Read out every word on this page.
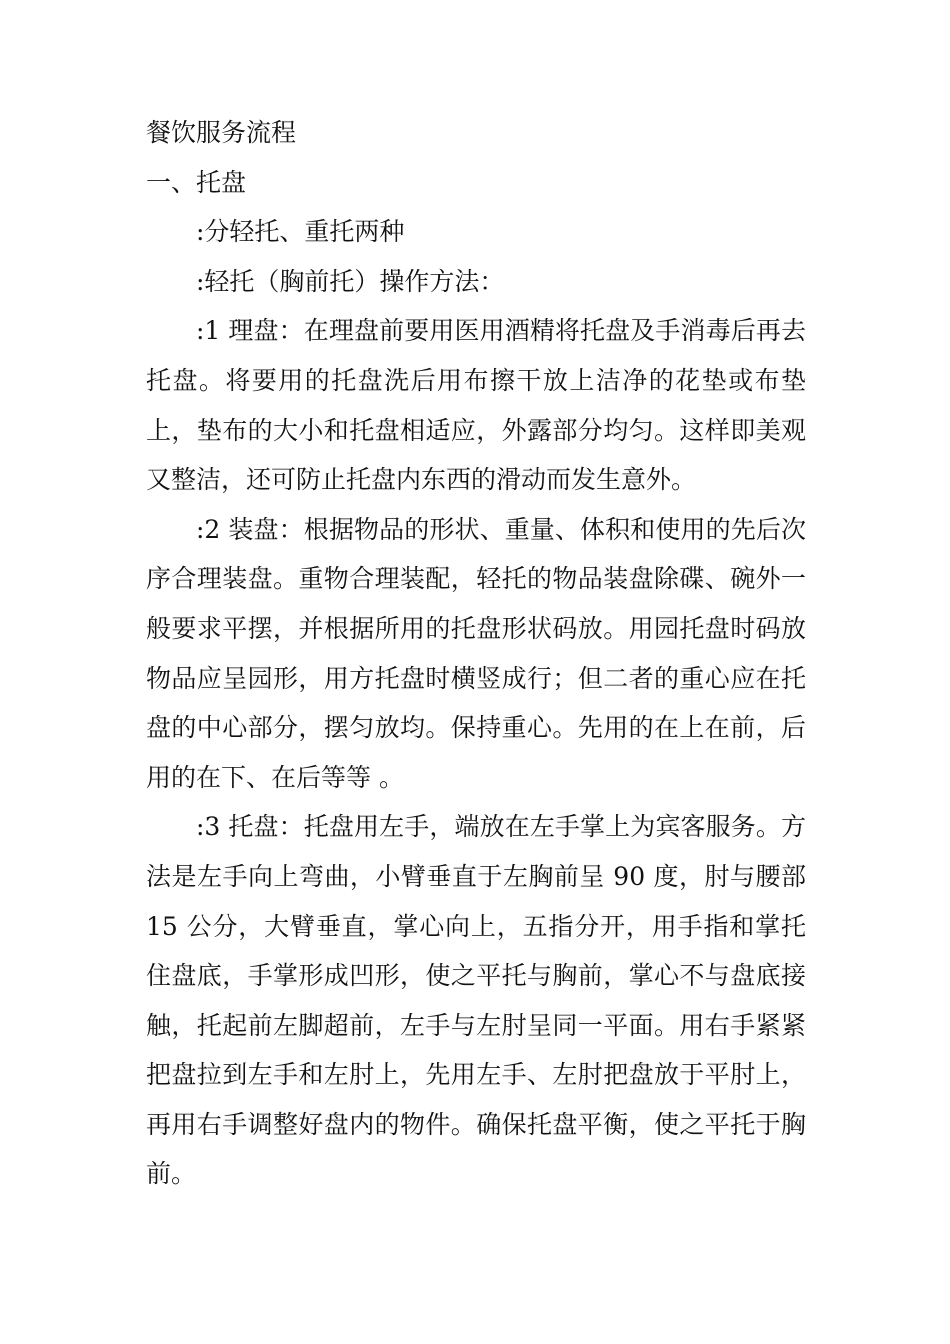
餐饮服务流程

一、托盘

:分轻托、重托两种

:轻托（胸前托）操作方法：

:1 理盘：在理盘前要用医用酒精将托盘及手消毒后再去托盘。将要用的托盘洗后用布擦干放上洁净的花垫或布垫上，垫布的大小和托盘相适应，外露部分均匀。这样即美观又整洁，还可防止托盘内东西的滑动而发生意外。

:2 装盘：根据物品的形状、重量、体积和使用的先后次序合理装盘。重物合理装配，轻托的物品装盘除碟、碗外一般要求平摆，并根据所用的托盘形状码放。用园托盘时码放物品应呈园形，用方托盘时横竖成行；但二者的重心应在托盘的中心部分，摆匀放均。保持重心。先用的在上在前，后用的在下、在后等等 。

:3 托盘：托盘用左手，端放在左手掌上为宾客服务。方法是左手向上弯曲，小臂垂直于左胸前呈 90 度，肘与腰部 15 公分，大臂垂直，掌心向上，五指分开，用手指和掌托住盘底，手掌形成凹形，使之平托与胸前，掌心不与盘底接触，托起前左脚超前，左手与左肘呈同一平面。用右手紧紧把盘拉到左手和左肘上，先用左手、左肘把盘放于平肘上，再用右手调整好盘内的物件。确保托盘平衡，使之平托于胸前。
